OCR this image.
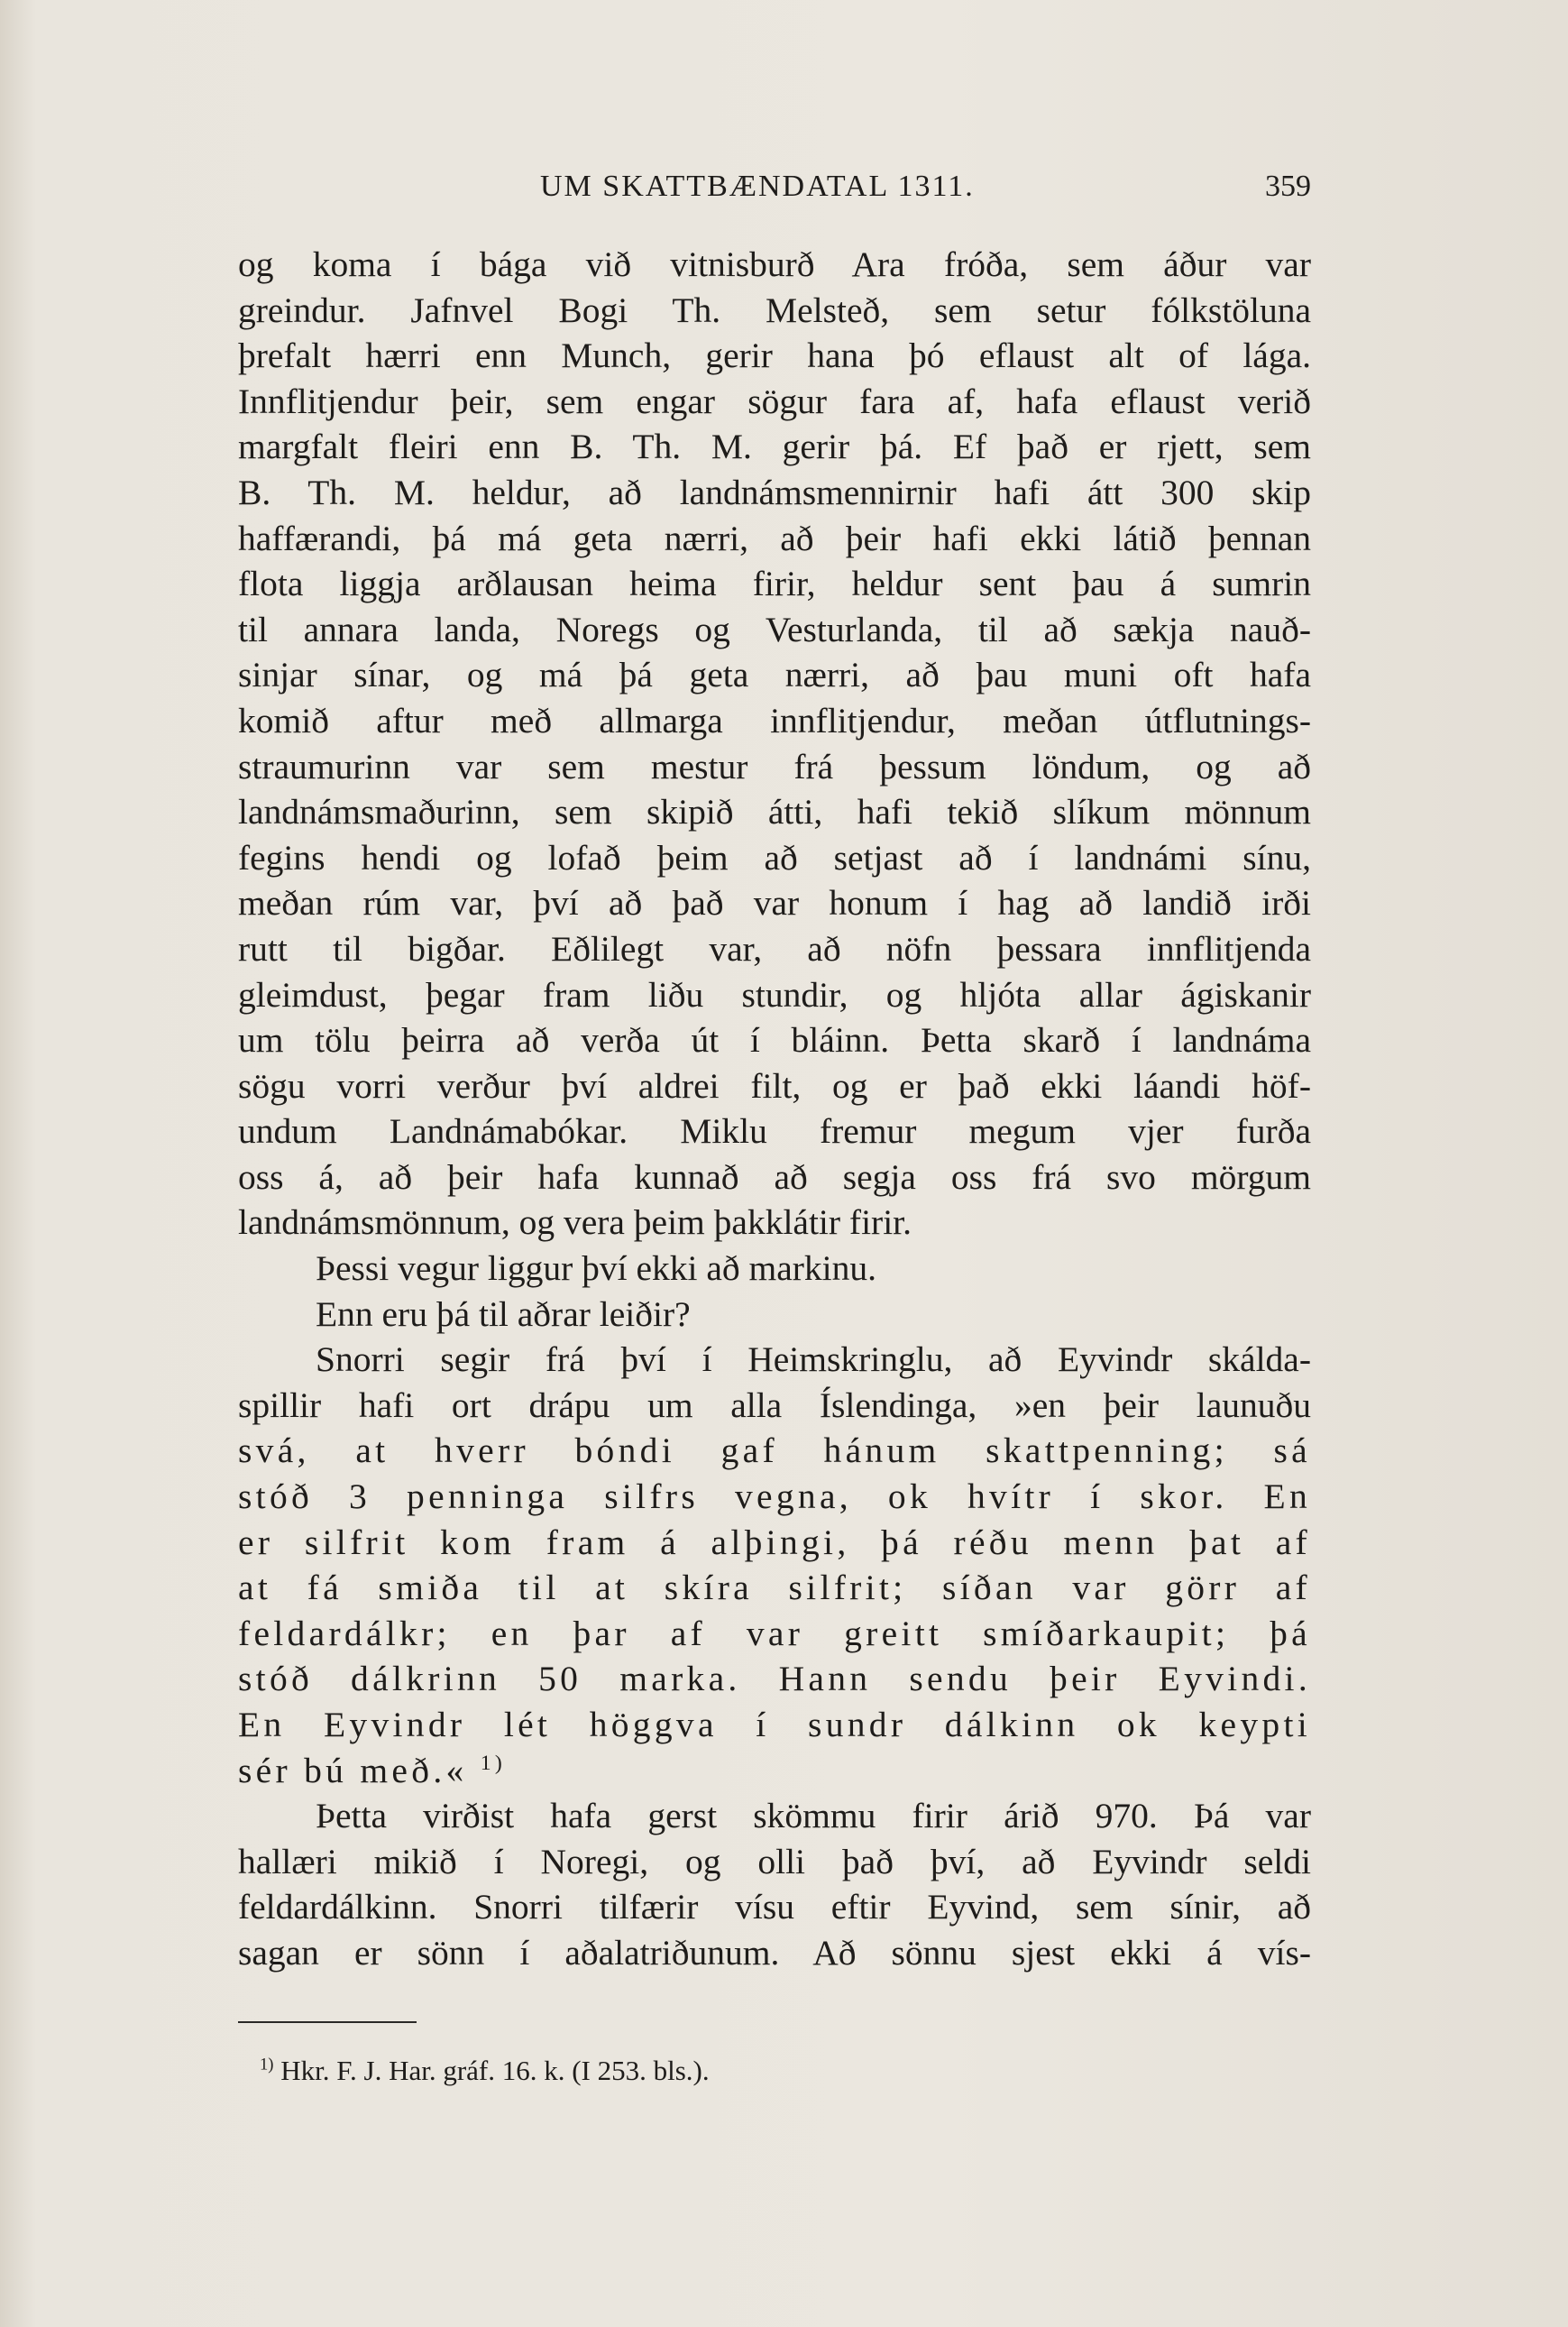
UM SKATTBÆNDATAL 1311.	359
og koma í bága við vitnisburð Ara fróða, sem áður var
greindur. Jafnvel Bogi Th. Melsteð, sem setur fólkstöluna
þrefalt hærri enn Munch, gerir hana þó eflaust alt of lága.
Innflitjendur þeir, sem engar sögur fara af, hafa eflaust verið
margfalt fleiri enn B. Th. M. gerir þá. Ef það er rjett, sem
B. Th. M. heldur, að landnámsmennirnir hafi átt 300 skip
haffærandi, þá má geta nærri, að þeir hafi ekki látið þennan
flota liggja arðlausan heima firir, heldur sent þau á sumrin
til annara landa, Noregs og Vesturlanda, til að sækja nauð-
sinjar sínar, og má þá geta nærri, að þau muni oft hafa
komið aftur með allmarga innflitjendur, meðan útflutnings-
straumurinn var sem mestur frá þessum löndum, og að
landnámsmaðurinn, sem skipið átti, hafi tekið slíkum mönnum
fegins hendi og lofað þeim að setjast að í landnámi sínu,
meðan rúm var, því að það var honum í hag að landið irði
rutt til bigðar. Eðlilegt var, að nöfn þessara innflitjenda
gleimdust, þegar fram liðu stundir, og hljóta allar ágiskanir
um tölu þeirra að verða út í bláinn. Þetta skarð í landnáma
sögu vorri verður því aldrei filt, og er það ekki láandi höf-
undum Landnámabókar. Miklu fremur megum vjer furða
oss á, að þeir hafa kunnað að segja oss frá svo mörgum
landnámsmönnum, og vera þeim þakklátir firir.
Þessi vegur liggur því ekki að markinu.
Enn eru þá til aðrar leiðir?
Snorri segir frá því í Heimskringlu, að Eyvindr skálda-
spillir hafi ort drápu um alla Íslendinga, »en þeir launuðu
svá, at hverr bóndi gaf hánum skattpenning; sá
stóð 3 penninga silfrs vegna, ok hvítr í skor. En
er silfrit kom fram á alþingi, þá réðu menn þat af
at fá smiða til at skíra silfrit; síðan var görr af
feldardálkr; en þar af var greitt smíðarkaupit; þá
stóð dálkrinn 50 marka. Hann sendu þeir Eyvindi.
En Eyvindr lét höggva í sundr dálkinn ok keypti
sér bú með.« $^{1)}$
Þetta virðist hafa gerst skömmu firir árið 970. Þá var
hallæri mikið í Noregi, og olli það því, að Eyvindr seldi
feldardálkinn. Snorri tilfærir vísu eftir Eyvind, sem sínir, að
sagan er sönn í aðalatriðunum. Að sönnu sjest ekki á vís-
$^{1)}$ Hkr. F. J. Har. gráf. 16. k. (I 253. bls.).
